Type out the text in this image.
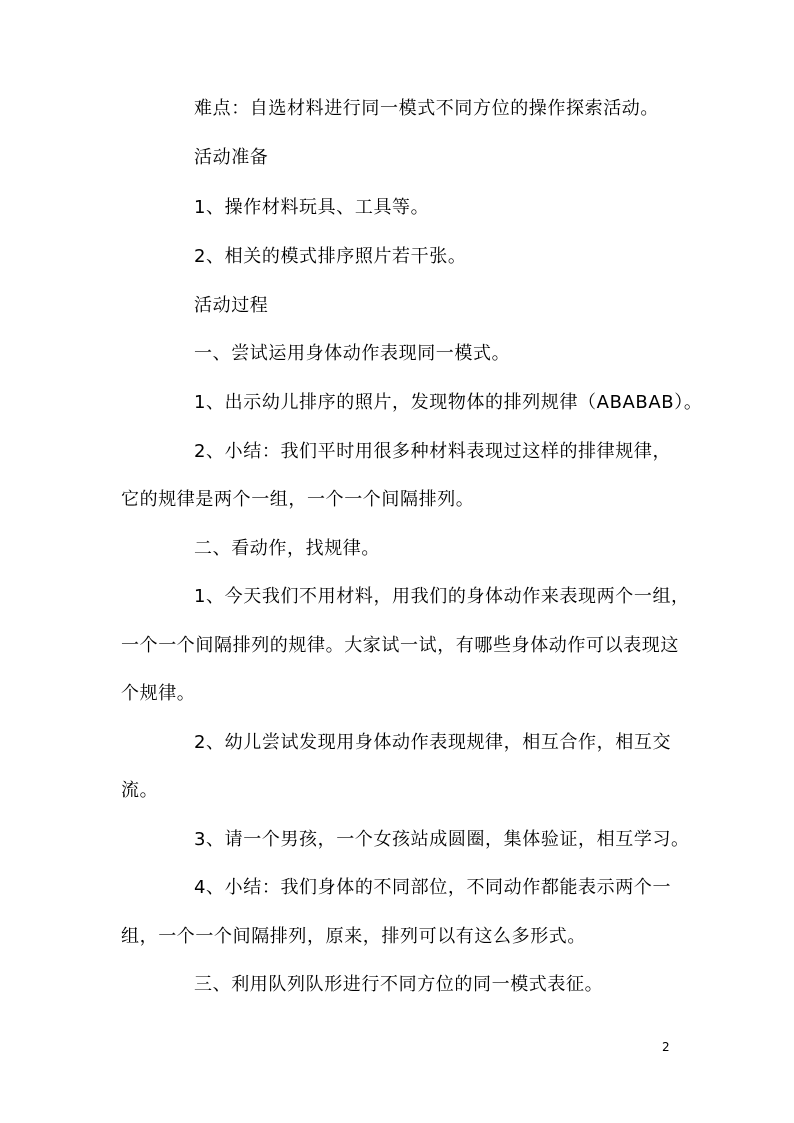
难点：自选材料进行同一模式不同方位的操作探索活动。
活动准备
1、操作材料玩具、工具等。
2、相关的模式排序照片若干张。
活动过程
一、尝试运用身体动作表现同一模式。
1、出示幼儿排序的照片，发现物体的排列规律（ABABAB）。
2、小结：我们平时用很多种材料表现过这样的排律规律，
它的规律是两个一组，一个一个间隔排列。
二、看动作，找规律。
1、今天我们不用材料，用我们的身体动作来表现两个一组，
一个一个间隔排列的规律。大家试一试，有哪些身体动作可以表现这
个规律。
2、幼儿尝试发现用身体动作表现规律，相互合作，相互交
流。
3、请一个男孩，一个女孩站成圆圈，集体验证，相互学习。
4、小结：我们身体的不同部位，不同动作都能表示两个一
组，一个一个间隔排列，原来，排列可以有这么多形式。
三、利用队列队形进行不同方位的同一模式表征。
2
